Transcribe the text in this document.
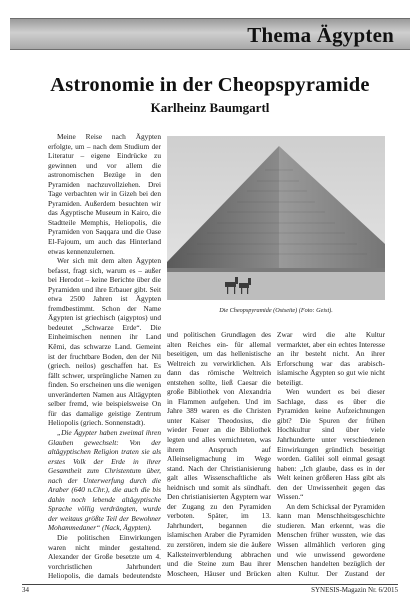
Thema Ägypten
Astronomie in der Cheopspyramide
Karlheinz Baumgartl

Meine Reise nach Ägypten erfolgte, um – nach dem Studium der Literatur – eigene Eindrücke zu gewinnen und vor allem die astronomischen Bezüge in den Pyramiden nachzuvollziehen. Drei Tage verbachten wir in Gizeh bei den Pyramiden. Außerdem besuchten wir das Ägyptische Museum in Kairo, die Stadtteile Memphis, Heliopolis, die Pyramiden von Saqqara und die Oase El-Fajoum, um auch das Hinterland etwas kennenzulernen.

Wer sich mit dem alten Ägypten befasst, fragt sich, warum es – außer bei Herodot – keine Berichte über die Pyramiden und ihre Erbauer gibt. Seit etwa 2500 Jahren ist Ägypten fremdbestimmt. Schon der Name Ägypten ist griechisch (aigyptos) und bedeutet „Schwarze Erde“. Die Einheimischen nennen ihr Land Kêmi, das schwarze Land. Gemeint ist der fruchtbare Boden, den der Nil (griech. neilos) geschaffen hat. Es fällt schwer, ursprüngliche Namen zu finden. So erscheinen uns die wenigen unveränderten Namen aus Altägypten selber fremd, wie beispielsweise On für das damalige geistige Zentrum Heliopolis (griech. Sonnenstadt).

„Die Ägypter haben zweimal ihren Glauben gewechselt: Von der altägyptischen Religion traten sie als erstes Volk der Erde in ihrer Gesamtheit zum Christentum über, nach der Unterwerfung durch die Araber (640 n.Chr.), die auch die bis dahin noch lebende altägyptische Sprache völlig verdrängten, wurde der weitaus größte Teil der Bewohner Mohammedaner“ (Nack, Ägypten).

Die politischen Einwirkungen waren nicht minder gestaltend. Alexander der Große besetzte um 4. vorchristlichen Jahrhundert Heliopolis, die damals bedeutendste

Die Cheopspyramide (Ostseite) (Foto: Geist).

und politischen Grundlagen des alten Reiches ein- für allemal beseitigen, um das hellenistische Weltreich zu verwirklichen. Als dann das römische Weltreich entstehen sollte, ließ Caesar die große Bibliothek von Alexandria in Flammen aufgehen. Und im Jahre 389 waren es die Christen unter Kaiser Theodosius, die wieder Feuer an die Bibliothek legten und alles vernichteten, was ihrem Anspruch auf Alleinseligmachung im Wege stand. Nach der Christianisierung galt alles Wissenschaftliche als heidnisch und somit als sündhaft. Den christianisierten Ägyptern war der Zugang zu den Pyramiden verboten. Später, im 13. Jahrhundert, begannen die islamischen Araber die Pyramiden zu zerstören, indem sie die äußere Kalksteinverblendung abbrachen und die Steine zum Bau ihrer Moscheen, Häuser und Brücken

Zwar wird die alte Kultur vermarktet, aber ein echtes Interesse an ihr besteht nicht. An ihrer Erforschung war das arabisch-islamische Ägypten so gut wie nicht beteiligt.

Wen wundert es bei dieser Sachlage, dass es über die Pyramiden keine Aufzeichnungen gibt? Die Spuren der frühen Hochkultur sind über viele Jahrhunderte unter verschiedenen Einwirkungen gründlich beseitigt worden. Galilei soll einmal gesagt haben: „Ich glaube, dass es in der Welt keinen größeren Hass gibt als den der Unwissenheit gegen das Wissen.“

An dem Schicksal der Pyramiden kann man Menschheitsgeschichte studieren. Man erkennt, was die Menschen früher wussten, wie das Wissen allmählich verloren ging und wie unwissend gewordene Menschen handelten bezüglich der alten Kultur. Der Zustand der

34	SYNESIS-Magazin Nr. 6/2015
